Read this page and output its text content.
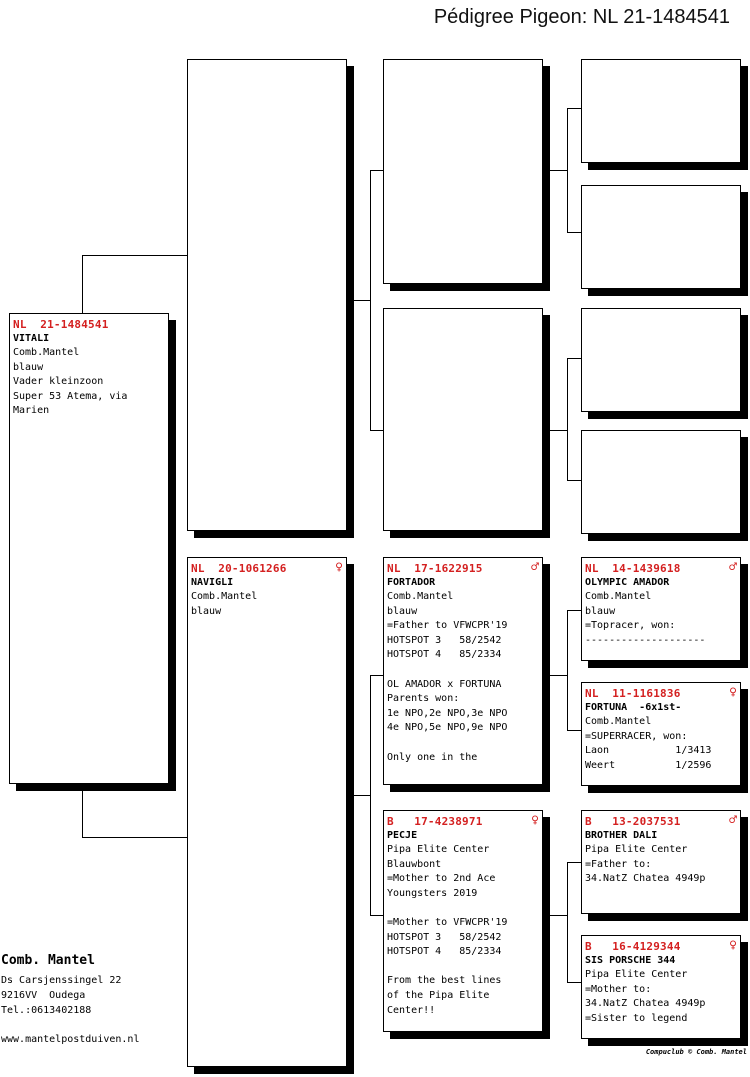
Pédigree Pigeon: NL 21-1484541
NL  21-1484541
VITALI
Comb.Mantel
blauw
Vader kleinzoon
Super 53 Atema, via
Marien
NL  20-1061266	♀
NAVIGLI
Comb.Mantel
blauw
NL  17-1622915	♂
FORTADOR
Comb.Mantel
blauw
=Father to VFWCPR'19
HOTSPOT 3   58/2542
HOTSPOT 4   85/2334

OL AMADOR x FORTUNA
Parents won:
1e NPO,2e NPO,3e NPO
4e NPO,5e NPO,9e NPO

Only one in the
B   17-4238971	♀
PECJE
Pipa Elite Center
Blauwbont
=Mother to 2nd Ace
Youngsters 2019

=Mother to VFWCPR'19
HOTSPOT 3   58/2542
HOTSPOT 4   85/2334

From the best lines
of the Pipa Elite
Center!!
NL  14-1439618	♂
OLYMPIC AMADOR
Comb.Mantel
blauw
=Topracer, won:
--------------------
NL  11-1161836	♀
FORTUNA  -6x1st-
Comb.Mantel
=SUPERRACER, won:
Laon           1/3413
Weert          1/2596
B   13-2037531	♂
BROTHER DALI
Pipa Elite Center
=Father to:
34.NatZ Chatea 4949p
B   16-4129344	♀
SIS PORSCHE 344
Pipa Elite Center
=Mother to:
34.NatZ Chatea 4949p
=Sister to legend
Comb. Mantel
Ds Carsjenssingel 22
9216VV  Oudega
Tel.:0613402188
www.mantelpostduiven.nl
Compuclub © Comb. Mantel
